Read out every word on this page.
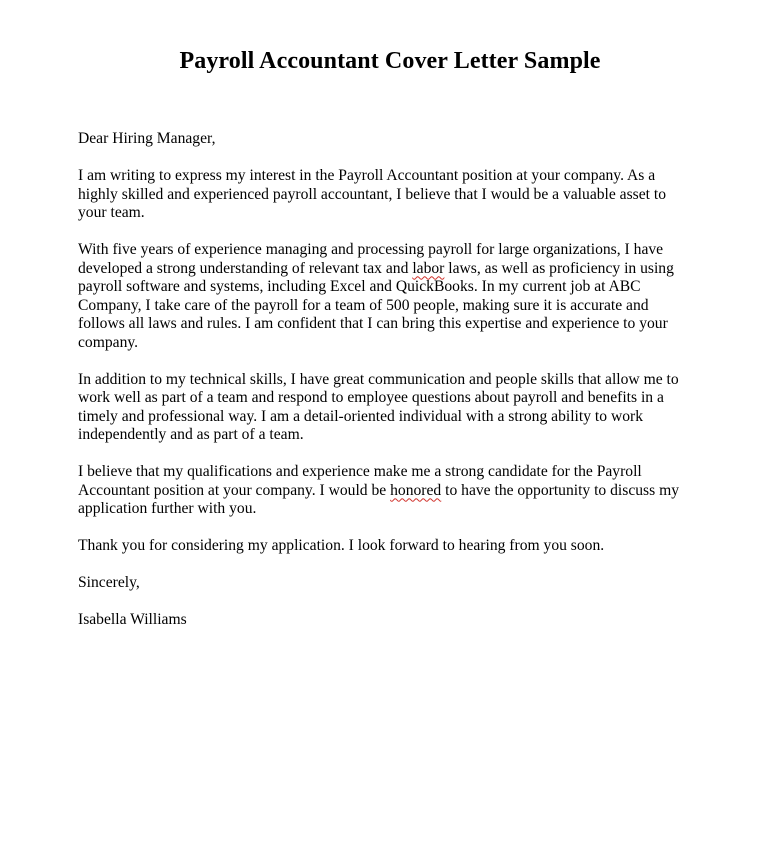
Payroll Accountant Cover Letter Sample
Dear Hiring Manager,
I am writing to express my interest in the Payroll Accountant position at your company. As a
highly skilled and experienced payroll accountant, I believe that I would be a valuable asset to
your team.
With five years of experience managing and processing payroll for large organizations, I have
developed a strong understanding of relevant tax and labor laws, as well as proficiency in using
payroll software and systems, including Excel and QuickBooks. In my current job at ABC
Company, I take care of the payroll for a team of 500 people, making sure it is accurate and
follows all laws and rules. I am confident that I can bring this expertise and experience to your
company.
In addition to my technical skills, I have great communication and people skills that allow me to
work well as part of a team and respond to employee questions about payroll and benefits in a
timely and professional way. I am a detail-oriented individual with a strong ability to work
independently and as part of a team.
I believe that my qualifications and experience make me a strong candidate for the Payroll
Accountant position at your company. I would be honored to have the opportunity to discuss my
application further with you.
Thank you for considering my application. I look forward to hearing from you soon.
Sincerely,
Isabella Williams
